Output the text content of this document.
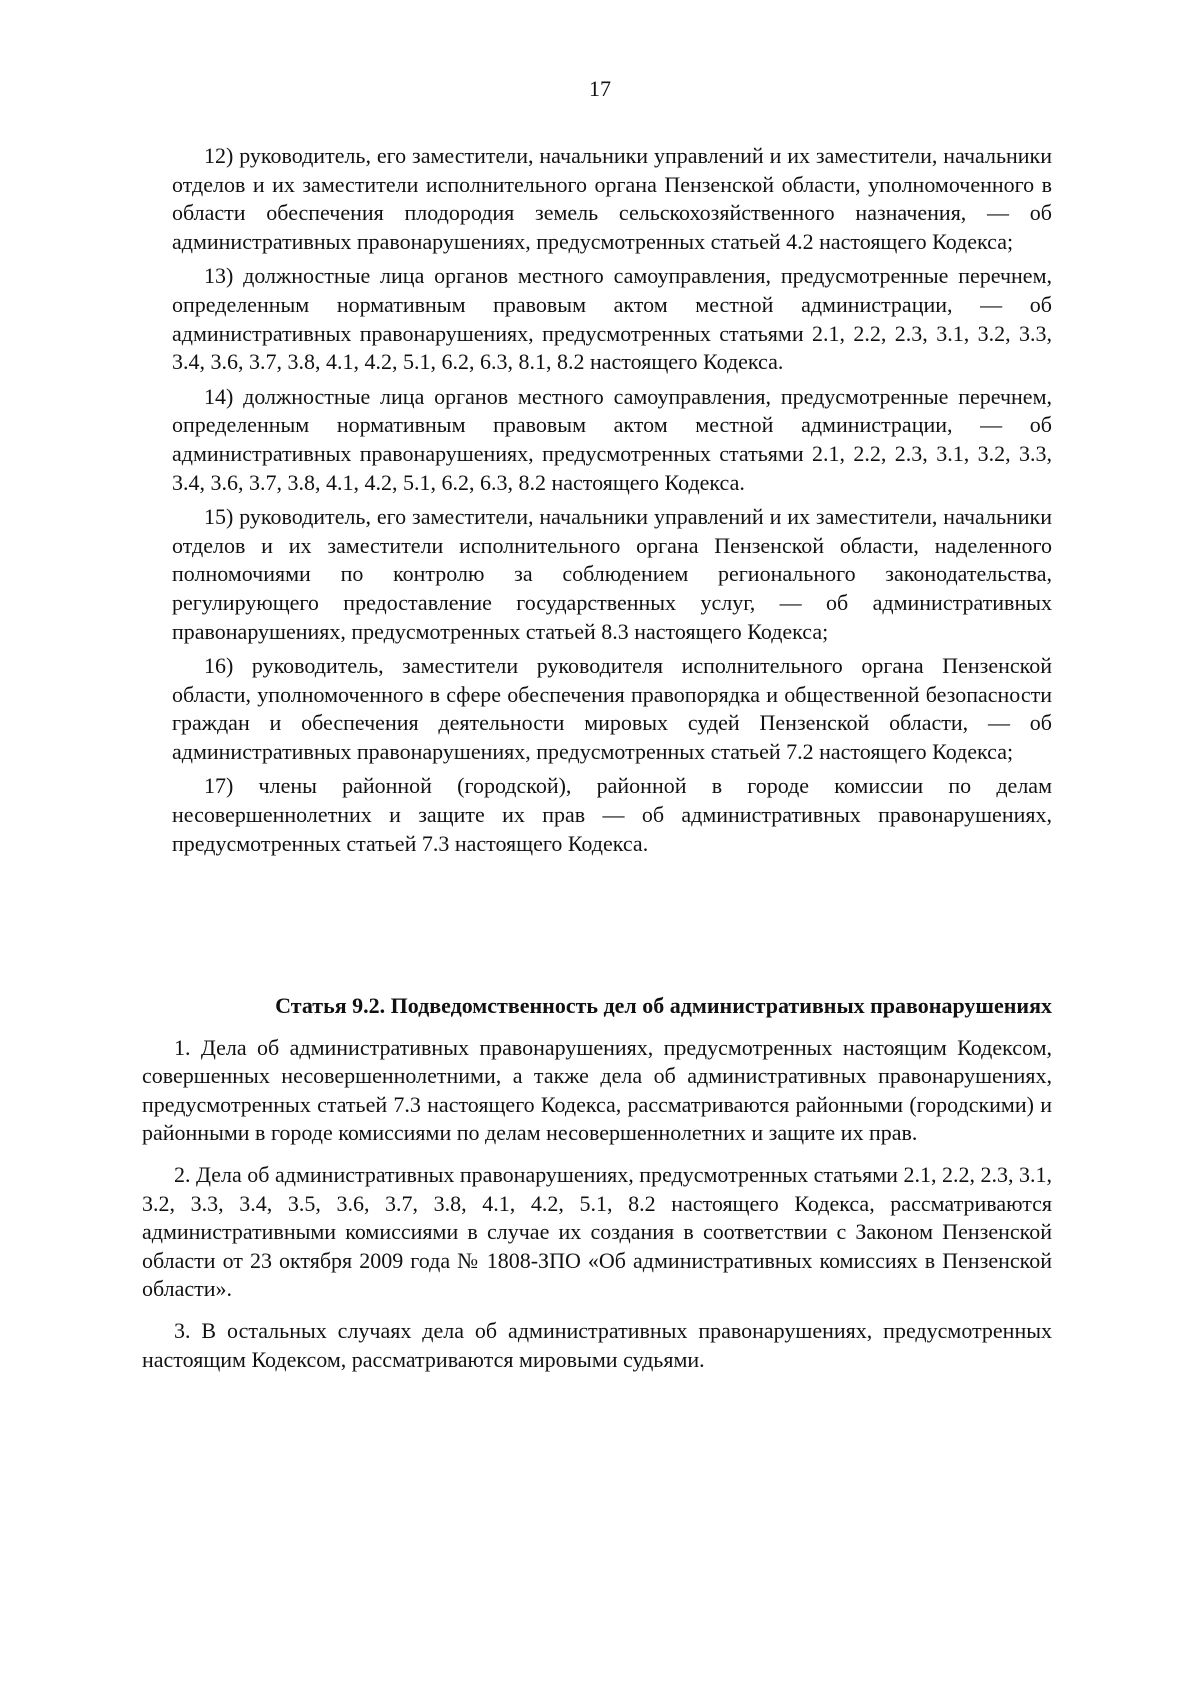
17

12) руководитель, его заместители, начальники управлений и их заместители, начальники отделов и их заместители исполнительного органа Пензенской области, уполномоченного в области обеспечения плодородия земель сельскохозяйственного назначения, — об административных правонарушениях, предусмотренных статьей 4.2 настоящего Кодекса;

13) должностные лица органов местного самоуправления, предусмотренные перечнем, определенным нормативным правовым актом местной администрации, — об административных правонарушениях, предусмотренных статьями 2.1, 2.2, 2.3, 3.1, 3.2, 3.3, 3.4, 3.6, 3.7, 3.8, 4.1, 4.2, 5.1, 6.2, 6.3, 8.1, 8.2 настоящего Кодекса.

14) должностные лица органов местного самоуправления, предусмотренные перечнем, определенным нормативным правовым актом местной администрации, — об административных правонарушениях, предусмотренных статьями 2.1, 2.2, 2.3, 3.1, 3.2, 3.3, 3.4, 3.6, 3.7, 3.8, 4.1, 4.2, 5.1, 6.2, 6.3, 8.2 настоящего Кодекса.

15) руководитель, его заместители, начальники управлений и их заместители, начальники отделов и их заместители исполнительного органа Пензенской области, наделенного полномочиями по контролю за соблюдением регионального законодательства, регулирующего предоставление государственных услуг, — об административных правонарушениях, предусмотренных статьей 8.3 настоящего Кодекса;

16) руководитель, заместители руководителя исполнительного органа Пензенской области, уполномоченного в сфере обеспечения правопорядка и общественной безопасности граждан и обеспечения деятельности мировых судей Пензенской области, — об административных правонарушениях, предусмотренных статьей 7.2 настоящего Кодекса;

17) члены районной (городской), районной в городе комиссии по делам несовершеннолетних и защите их прав — об административных правонарушениях, предусмотренных статьей 7.3 настоящего Кодекса.

Статья 9.2. Подведомственность дел об административных правонарушениях

1. Дела об административных правонарушениях, предусмотренных настоящим Кодексом, совершенных несовершеннолетними, а также дела об административных правонарушениях, предусмотренных статьей 7.3 настоящего Кодекса, рассматриваются районными (городскими) и районными в городе комиссиями по делам несовершеннолетних и защите их прав.

2. Дела об административных правонарушениях, предусмотренных статьями 2.1, 2.2, 2.3, 3.1, 3.2, 3.3, 3.4, 3.5, 3.6, 3.7, 3.8, 4.1, 4.2, 5.1, 8.2 настоящего Кодекса, рассматриваются административными комиссиями в случае их создания в соответствии с Законом Пензенской области от 23 октября 2009 года № 1808-ЗПО «Об административных комиссиях в Пензенской области».

3. В остальных случаях дела об административных правонарушениях, предусмотренных настоящим Кодексом, рассматриваются мировыми судьями.
